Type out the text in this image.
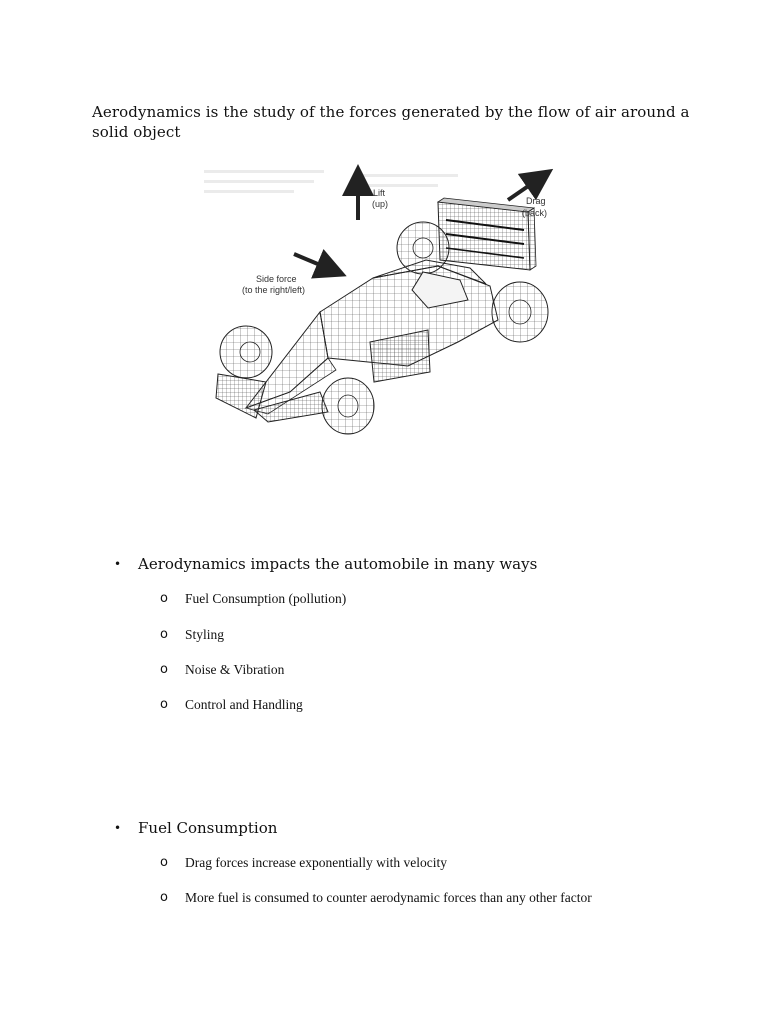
Aerodynamics is the study of the forces generated by the flow of air around a solid object
Lift
(up)	Drag
(back)
Side force
(to the right/left)
•	Aerodynamics impacts the automobile in many ways
o	Fuel Consumption (pollution)
o	Styling
o	Noise & Vibration
o	Control and Handling
•	Fuel Consumption
o	Drag forces increase exponentially with velocity
o	More fuel is consumed to counter aerodynamic forces than any other factor
